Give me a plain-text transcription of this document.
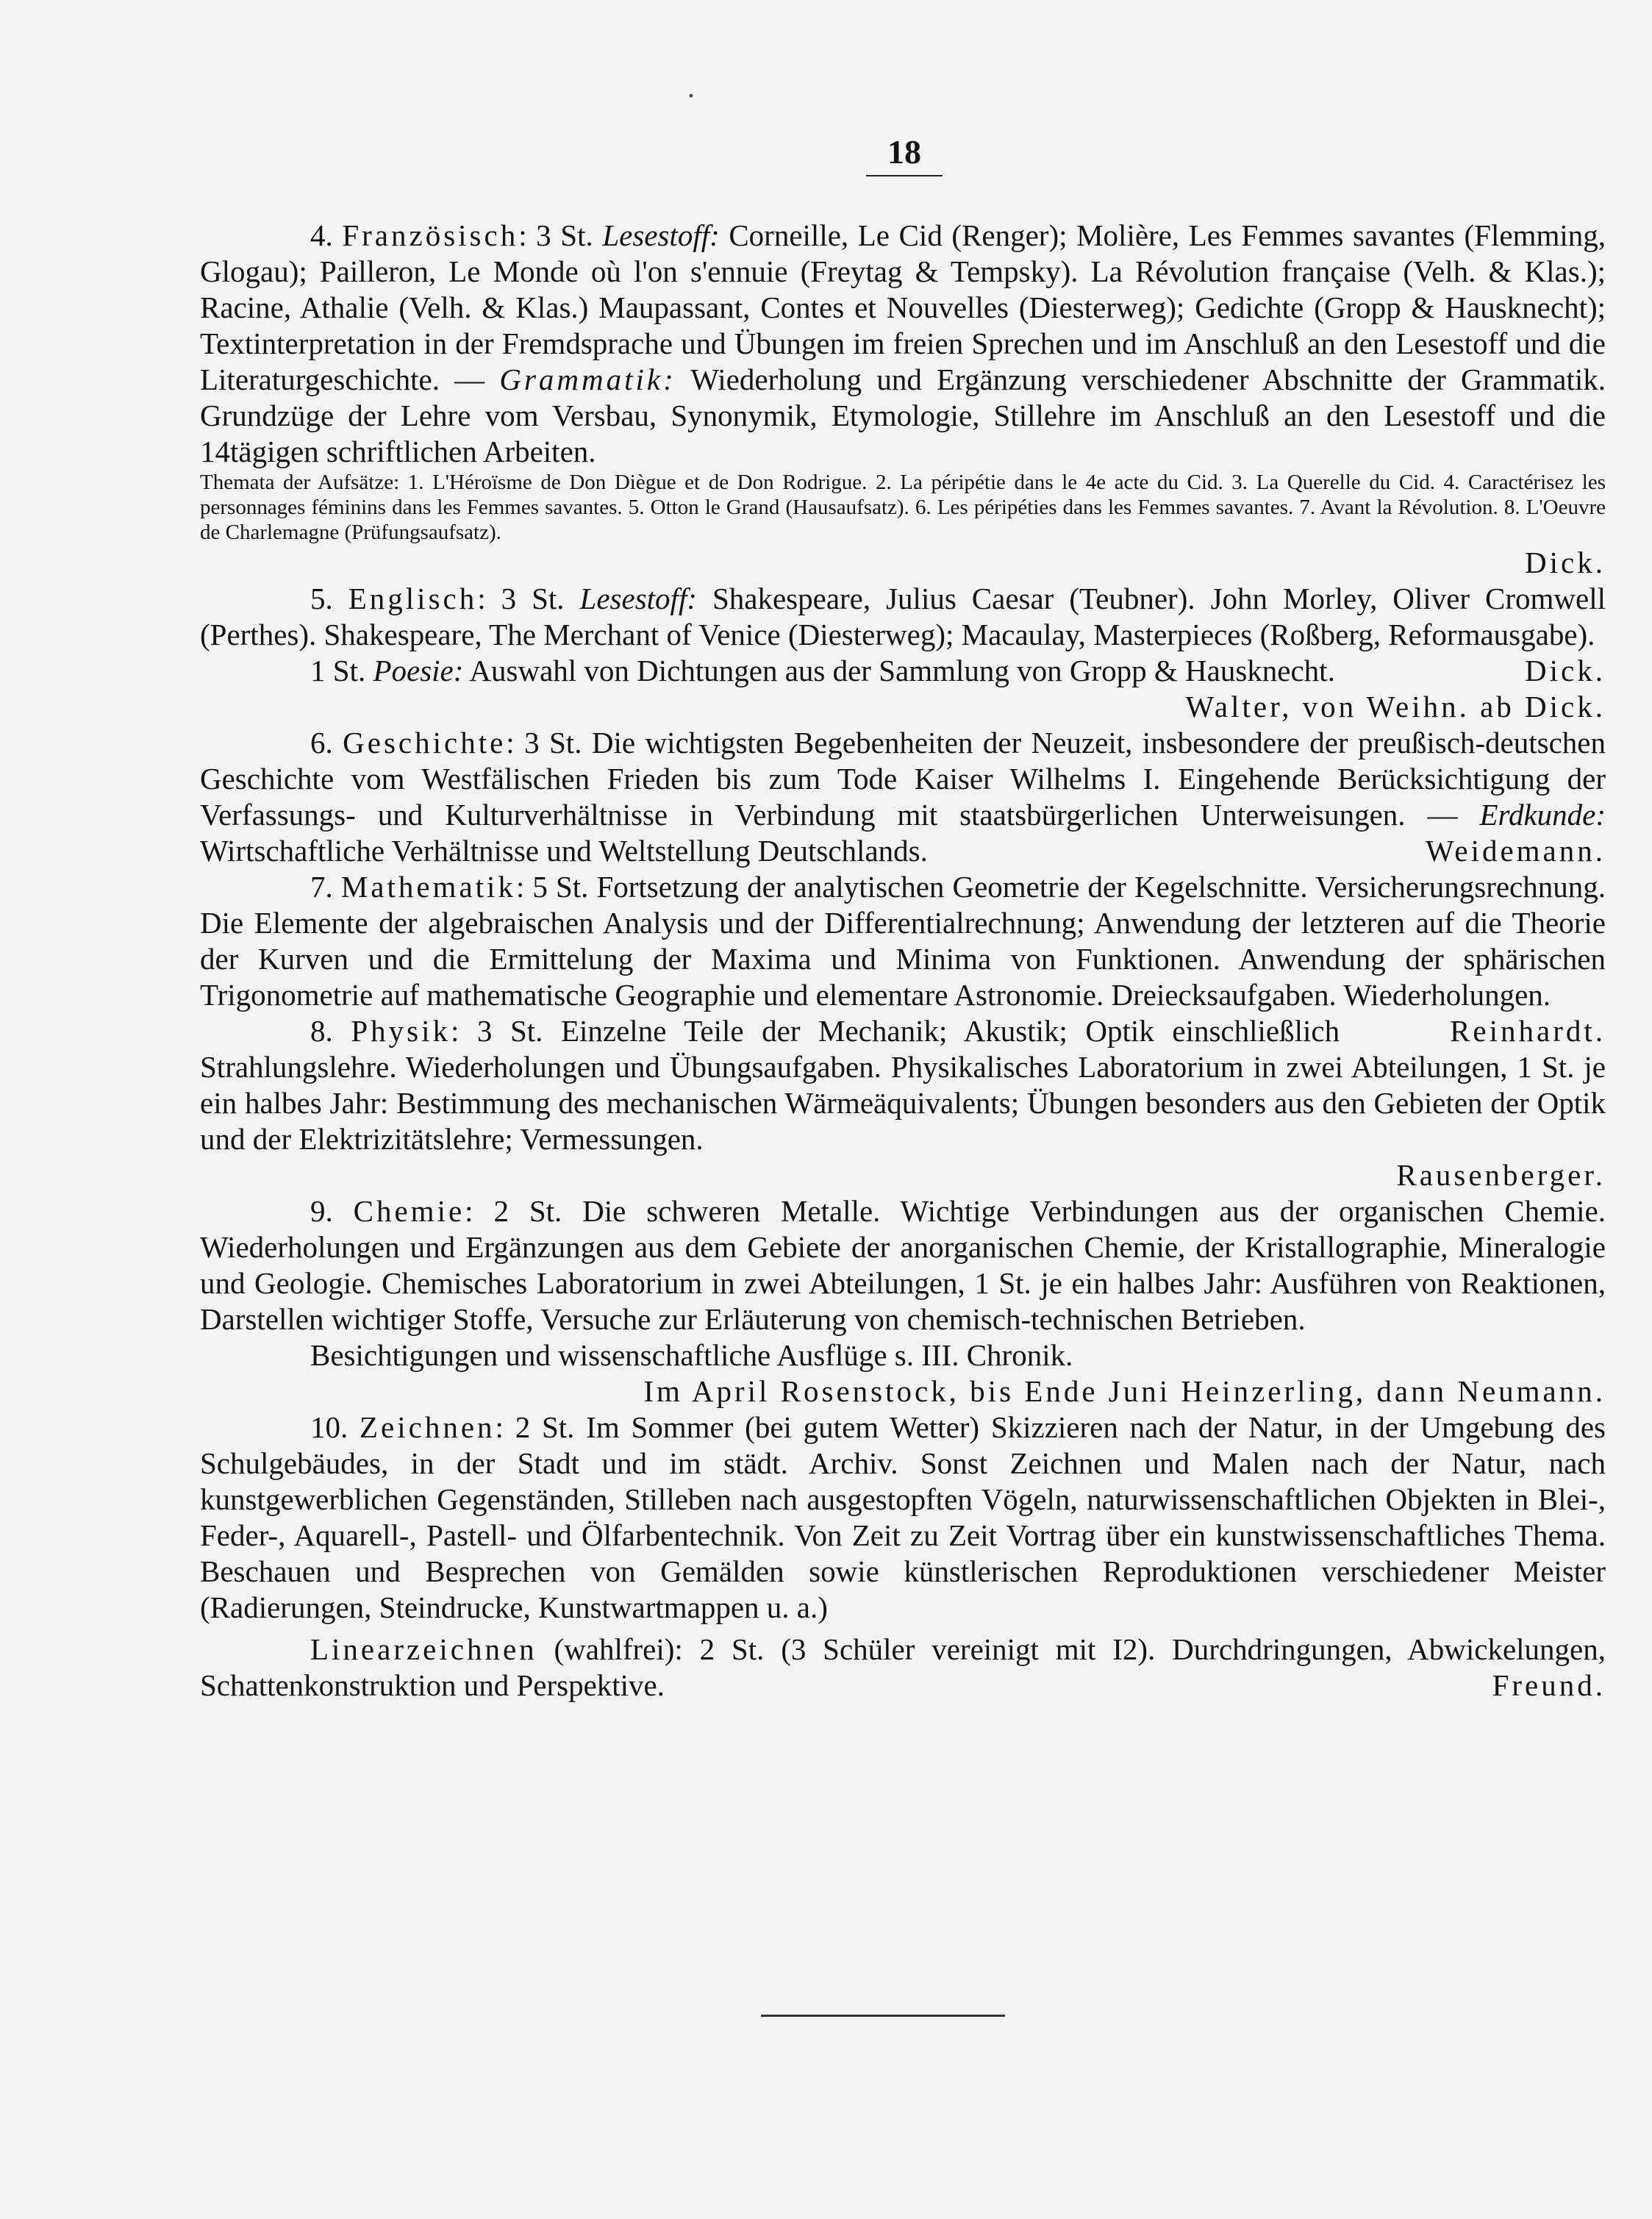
.
18

4. Französisch: 3 St. Lesestoff: Corneille, Le Cid (Renger); Molière, Les Femmes savantes (Flemming, Glogau); Pailleron, Le Monde où l'on s'ennuie (Freytag & Tempsky). La Révolution française (Velh. & Klas.); Racine, Athalie (Velh. & Klas.) Maupassant, Contes et Nouvelles (Diesterweg); Gedichte (Gropp & Hausknecht); Textinterpretation in der Fremdsprache und Übungen im freien Sprechen und im Anschluß an den Lesestoff und die Literaturgeschichte. — Grammatik: Wiederholung und Ergänzung verschiedener Abschnitte der Grammatik. Grundzüge der Lehre vom Versbau, Synonymik, Etymologie, Stillehre im Anschluß an den Lesestoff und die 14tägigen schriftlichen Arbeiten.

Themata der Aufsätze: 1. L'Héroïsme de Don Diègue et de Don Rodrigue. 2. La péripétie dans le 4e acte du Cid. 3. La Querelle du Cid. 4. Caractérisez les personnages féminins dans les Femmes savantes. 5. Otton le Grand (Hausaufsatz). 6. Les péripéties dans les Femmes savantes. 7. Avant la Révolution. 8. L'Oeuvre de Charlemagne (Prüfungsaufsatz).

Dick.

5. Englisch: 3 St. Lesestoff: Shakespeare, Julius Caesar (Teubner). John Morley, Oliver Cromwell (Perthes). Shakespeare, The Merchant of Venice (Diesterweg); Macaulay, Masterpieces (Roßberg, Reformausgabe).
Dick.

1 St. Poesie: Auswahl von Dichtungen aus der Sammlung von Gropp & Hausknecht.

Walter, von Weihn. ab Dick.

6. Geschichte: 3 St. Die wichtigsten Begebenheiten der Neuzeit, insbesondere der preußisch-deutschen Geschichte vom Westfälischen Frieden bis zum Tode Kaiser Wilhelms I. Eingehende Berücksichtigung der Verfassungs- und Kulturverhältnisse in Verbindung mit staatsbürgerlichen Unterweisungen. — Erdkunde: Wirtschaftliche Verhältnisse und Weltstellung Deutschlands.	Weidemann.

7. Mathematik: 5 St. Fortsetzung der analytischen Geometrie der Kegelschnitte. Versicherungsrechnung. Die Elemente der algebraischen Analysis und der Differentialrechnung; Anwendung der letzteren auf die Theorie der Kurven und die Ermittelung der Maxima und Minima von Funktionen. Anwendung der sphärischen Trigonometrie auf mathematische Geographie und elementare Astronomie. Dreiecksaufgaben. Wiederholungen.
Reinhardt.

8. Physik: 3 St. Einzelne Teile der Mechanik; Akustik; Optik einschließlich Strahlungslehre. Wiederholungen und Übungsaufgaben. Physikalisches Laboratorium in zwei Abteilungen, 1 St. je ein halbes Jahr: Bestimmung des mechanischen Wärmeäquivalents; Übungen besonders aus den Gebieten der Optik und der Elektrizitätslehre; Vermessungen.

Rausenberger.

9. Chemie: 2 St. Die schweren Metalle. Wichtige Verbindungen aus der organischen Chemie. Wiederholungen und Ergänzungen aus dem Gebiete der anorganischen Chemie, der Kristallographie, Mineralogie und Geologie. Chemisches Laboratorium in zwei Abteilungen, 1 St. je ein halbes Jahr: Ausführen von Reaktionen, Darstellen wichtiger Stoffe, Versuche zur Erläuterung von chemisch-technischen Betrieben.

Besichtigungen und wissenschaftliche Ausflüge s. III. Chronik.

Im April Rosenstock, bis Ende Juni Heinzerling, dann Neumann.

10. Zeichnen: 2 St. Im Sommer (bei gutem Wetter) Skizzieren nach der Natur, in der Umgebung des Schulgebäudes, in der Stadt und im städt. Archiv. Sonst Zeichnen und Malen nach der Natur, nach kunstgewerblichen Gegenständen, Stilleben nach ausgestopften Vögeln, naturwissenschaftlichen Objekten in Blei-, Feder-, Aquarell-, Pastell- und Ölfarbentechnik. Von Zeit zu Zeit Vortrag über ein kunstwissenschaftliches Thema. Beschauen und Besprechen von Gemälden sowie künstlerischen Reproduktionen verschiedener Meister (Radierungen, Steindrucke, Kunstwartmappen u. a.)

Linearzeichnen (wahlfrei): 2 St. (3 Schüler vereinigt mit I2). Durchdringungen, Abwickelungen, Schattenkonstruktion und Perspektive.	Freund.
